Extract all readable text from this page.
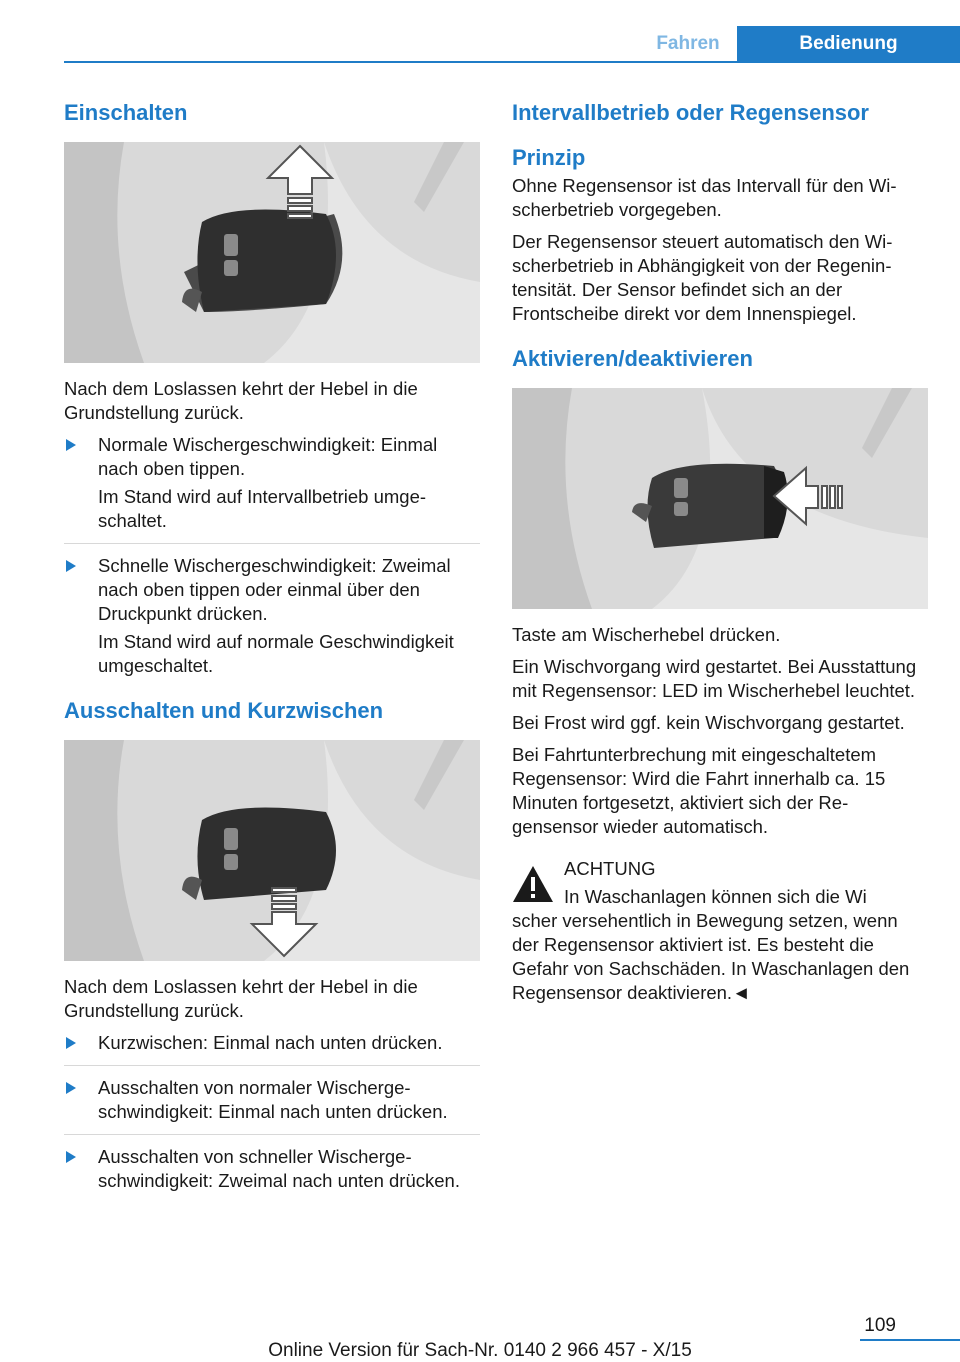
Fahren	Bedienung
Einschalten

Nach dem Loslassen kehrt der Hebel in die Grundstellung zurück.

Normale Wischergeschwindigkeit: Einmal nach oben tippen.

Im Stand wird auf Intervallbetrieb umgeschaltet.

Schnelle Wischergeschwindigkeit: Zweimal nach oben tippen oder einmal über den Druckpunkt drücken.

Im Stand wird auf normale Geschwindigkeit umgeschaltet.

Ausschalten und Kurzwischen

Nach dem Loslassen kehrt der Hebel in die Grundstellung zurück.

Kurzwischen: Einmal nach unten drücken.

Ausschalten von normaler Wischergeschwindigkeit: Einmal nach unten drücken.

Ausschalten von schneller Wischergeschwindigkeit: Zweimal nach unten drücken.

Intervallbetrieb oder Regensensor
Prinzip

Ohne Regensensor ist das Intervall für den Wischerbetrieb vorgegeben.

Der Regensensor steuert automatisch den Wischerbetrieb in Abhängigkeit von der Regenintensität. Der Sensor befindet sich an der Frontscheibe direkt vor dem Innenspiegel.

Aktivieren/deaktivieren

Taste am Wischerhebel drücken.

Ein Wischvorgang wird gestartet. Bei Ausstattung mit Regensensor: LED im Wischerhebel leuchtet.

Bei Frost wird ggf. kein Wischvorgang gestartet.

Bei Fahrtunterbrechung mit eingeschaltetem Regensensor: Wird die Fahrt innerhalb ca. 15 Minuten fortgesetzt, aktiviert sich der Regensensor wieder automatisch.

ACHTUNG

In Waschanlagen können sich die Wi

scher versehentlich in Bewegung setzen, wenn der Regensensor aktiviert ist. Es besteht die Gefahr von Sachschäden. In Waschanlagen den Regensensor deaktivieren.◄

109
Online Version für Sach-Nr. 0140 2 966 457 - X/15
